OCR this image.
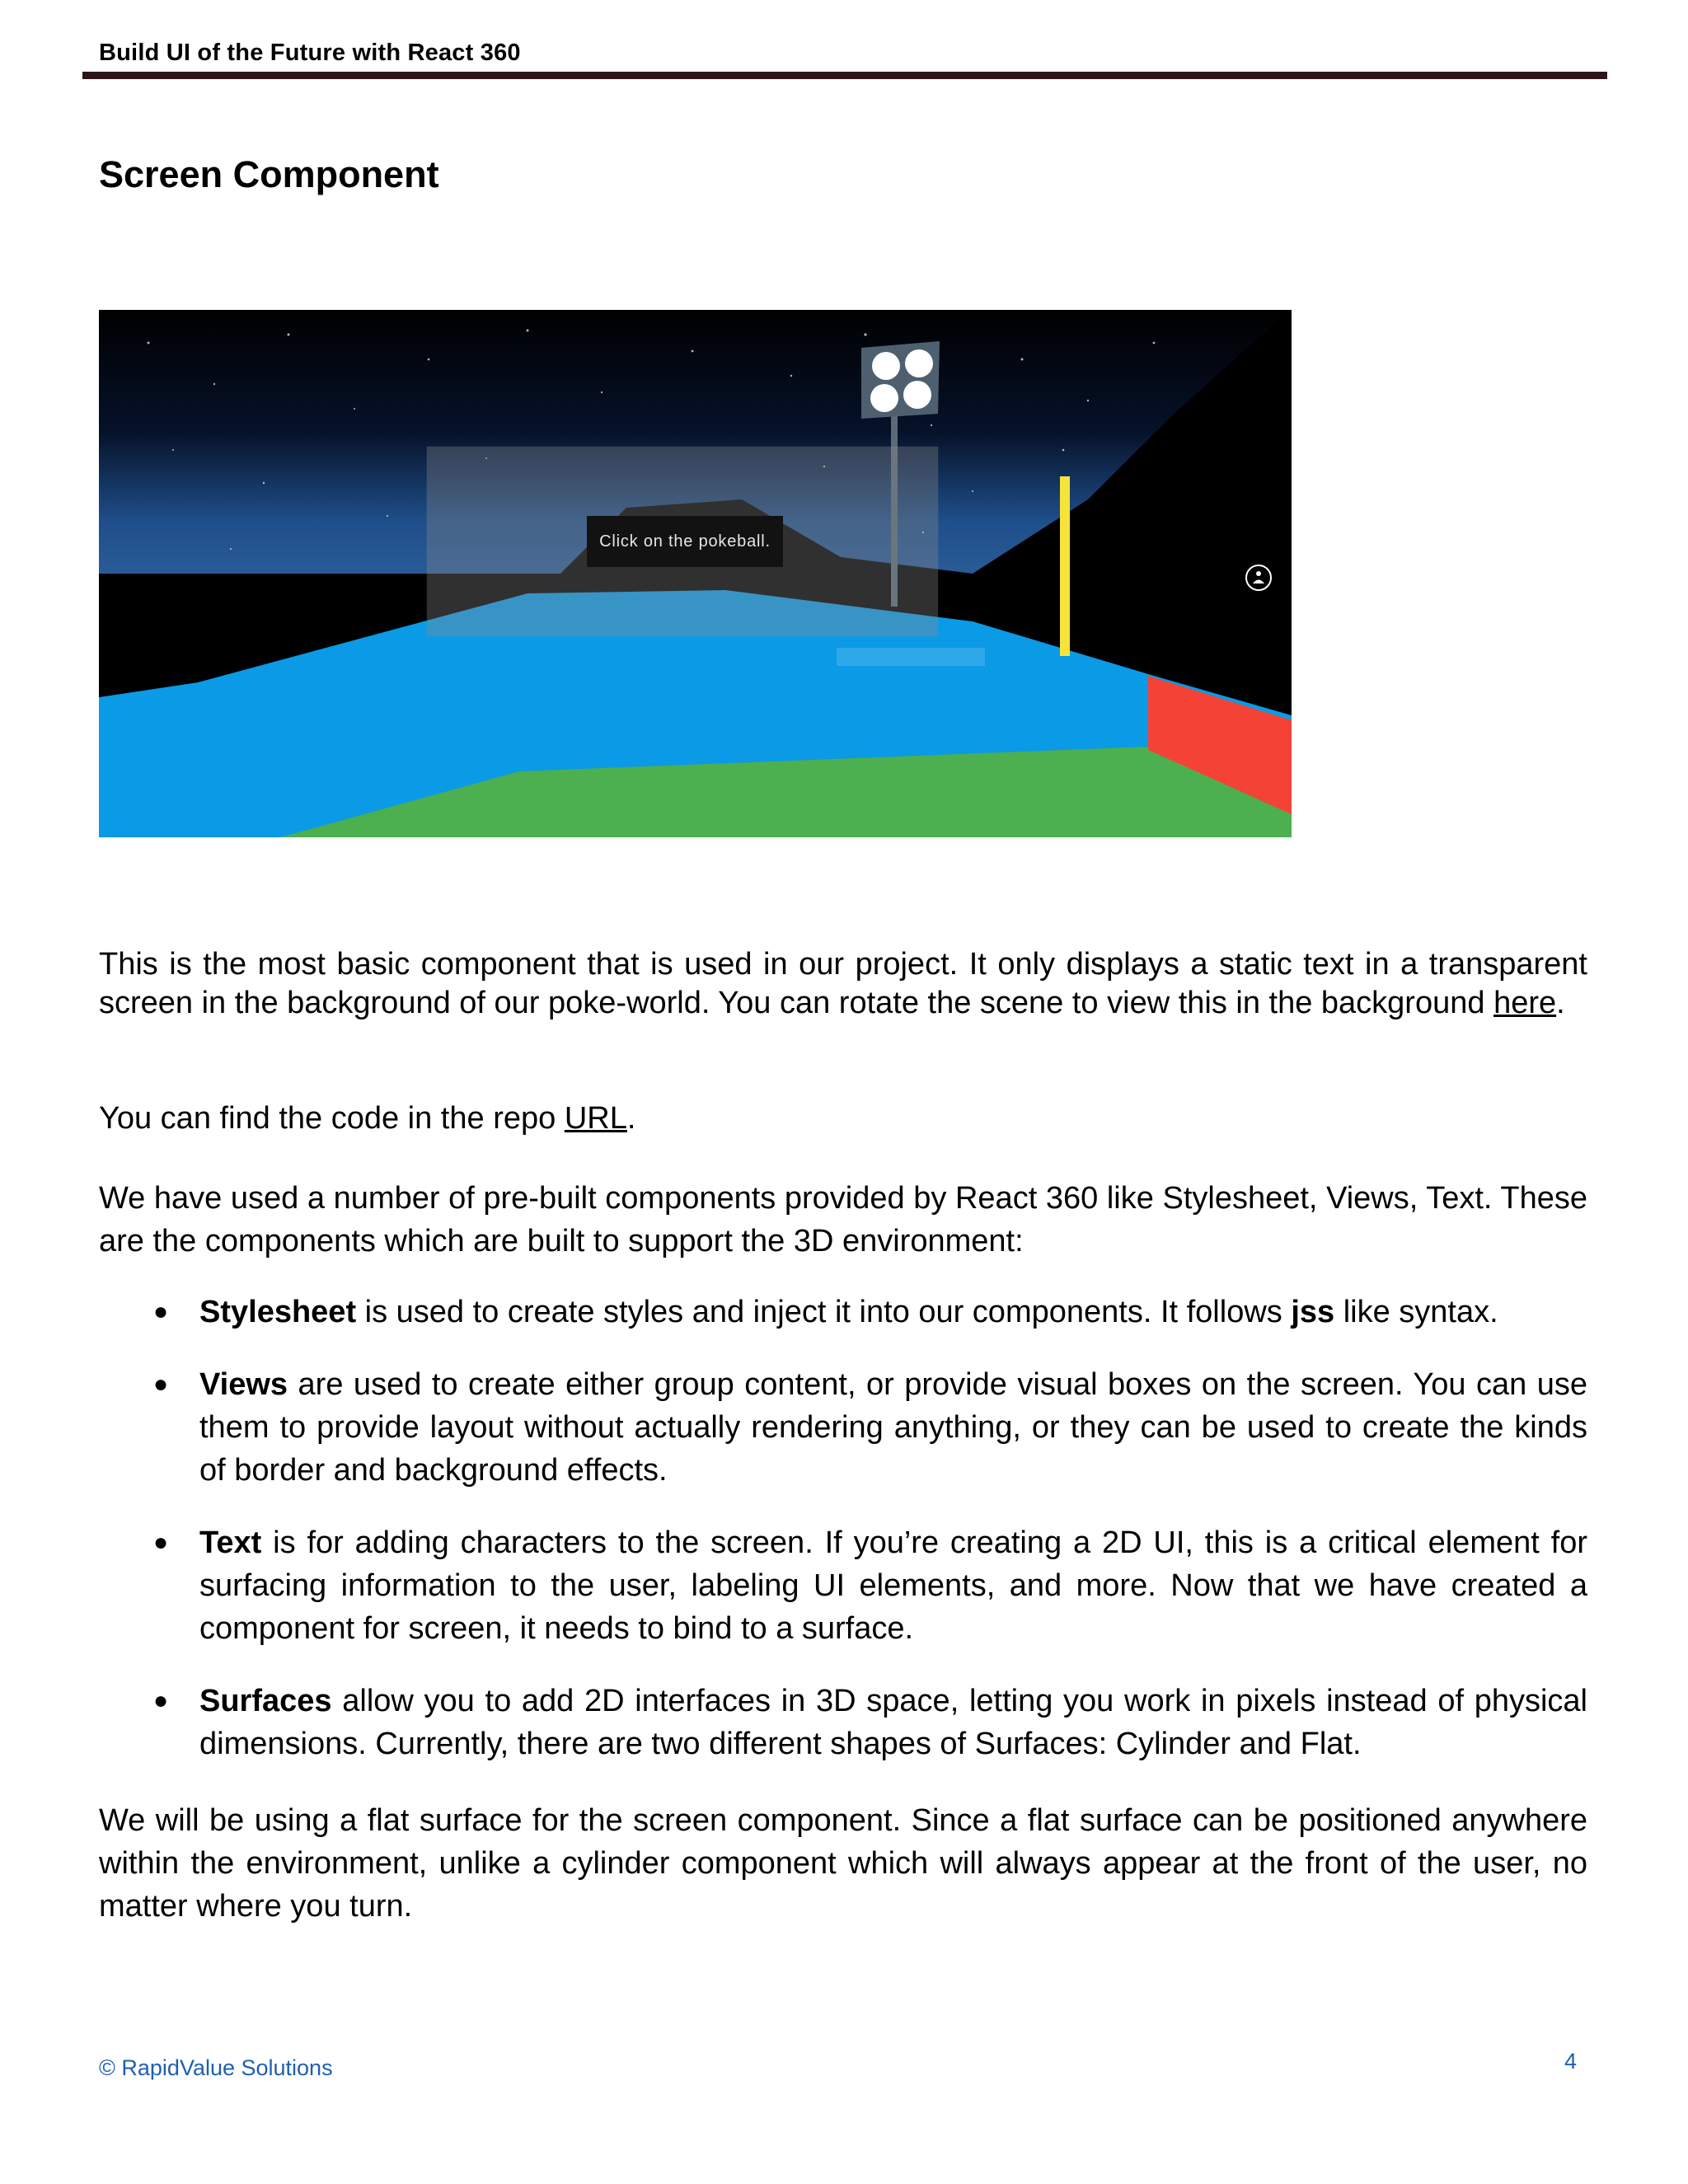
Build UI of the Future with React 360
Screen Component
Click on the pokeball.
This is the most basic component that is used in our project. It only displays a static text in a transparent screen in the background of our poke-world. You can rotate the scene to view this in the background here.
You can find the code in the repo URL.
We have used a number of pre-built components provided by React 360 like Stylesheet, Views, Text. These are the components which are built to support the 3D environment:
● Stylesheet is used to create styles and inject it into our components. It follows jss like syntax.
● Views are used to create either group content, or provide visual boxes on the screen. You can use them to provide layout without actually rendering anything, or they can be used to create the kinds of border and background effects.
● Text is for adding characters to the screen. If you’re creating a 2D UI, this is a critical element for surfacing information to the user, labeling UI elements, and more. Now that we have created a component for screen, it needs to bind to a surface.
● Surfaces allow you to add 2D interfaces in 3D space, letting you work in pixels instead of physical dimensions. Currently, there are two different shapes of Surfaces: Cylinder and Flat.
We will be using a flat surface for the screen component. Since a flat surface can be positioned anywhere within the environment, unlike a cylinder component which will always appear at the front of the user, no matter where you turn.
© RapidValue Solutions	4
